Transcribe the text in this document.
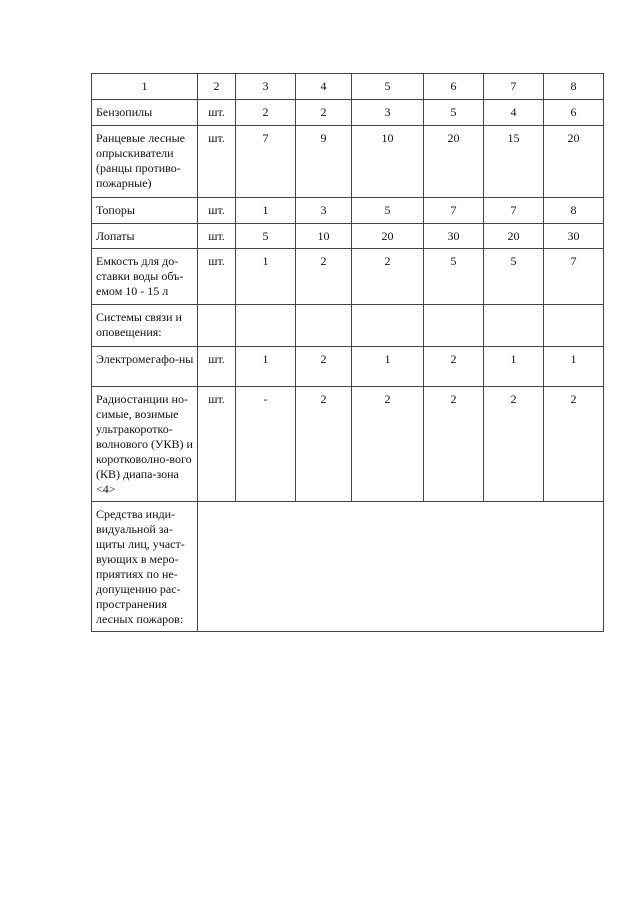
1	2	3	4	5	6	7	8
Бензопилы	шт.	2	2	3	5	4	6
Ранцевые лесные опрыскиватели (ранцы противо-пожарные)	шт.	7	9	10	20	15	20
Топоры	шт.	1	3	5	7	7	8
Лопаты	шт.	5	10	20	30	20	30
Емкость для до-ставки воды объ-емом 10 - 15 л	шт.	1	2	2	5	5	7
Системы связи и оповещения:							
Электромегафо-ны	шт.	1	2	1	2	1	1
Радиостанции но-симые, возимые ультракоротко-волнового (УКВ) и коротковолно-вого (КВ) диапа-зона <4>	шт.	-	2	2	2	2	2
Средства инди-видуальной за-щиты лиц, участ-вующих в меро-приятиях по не-допущению рас-пространения лесных пожаров:							
